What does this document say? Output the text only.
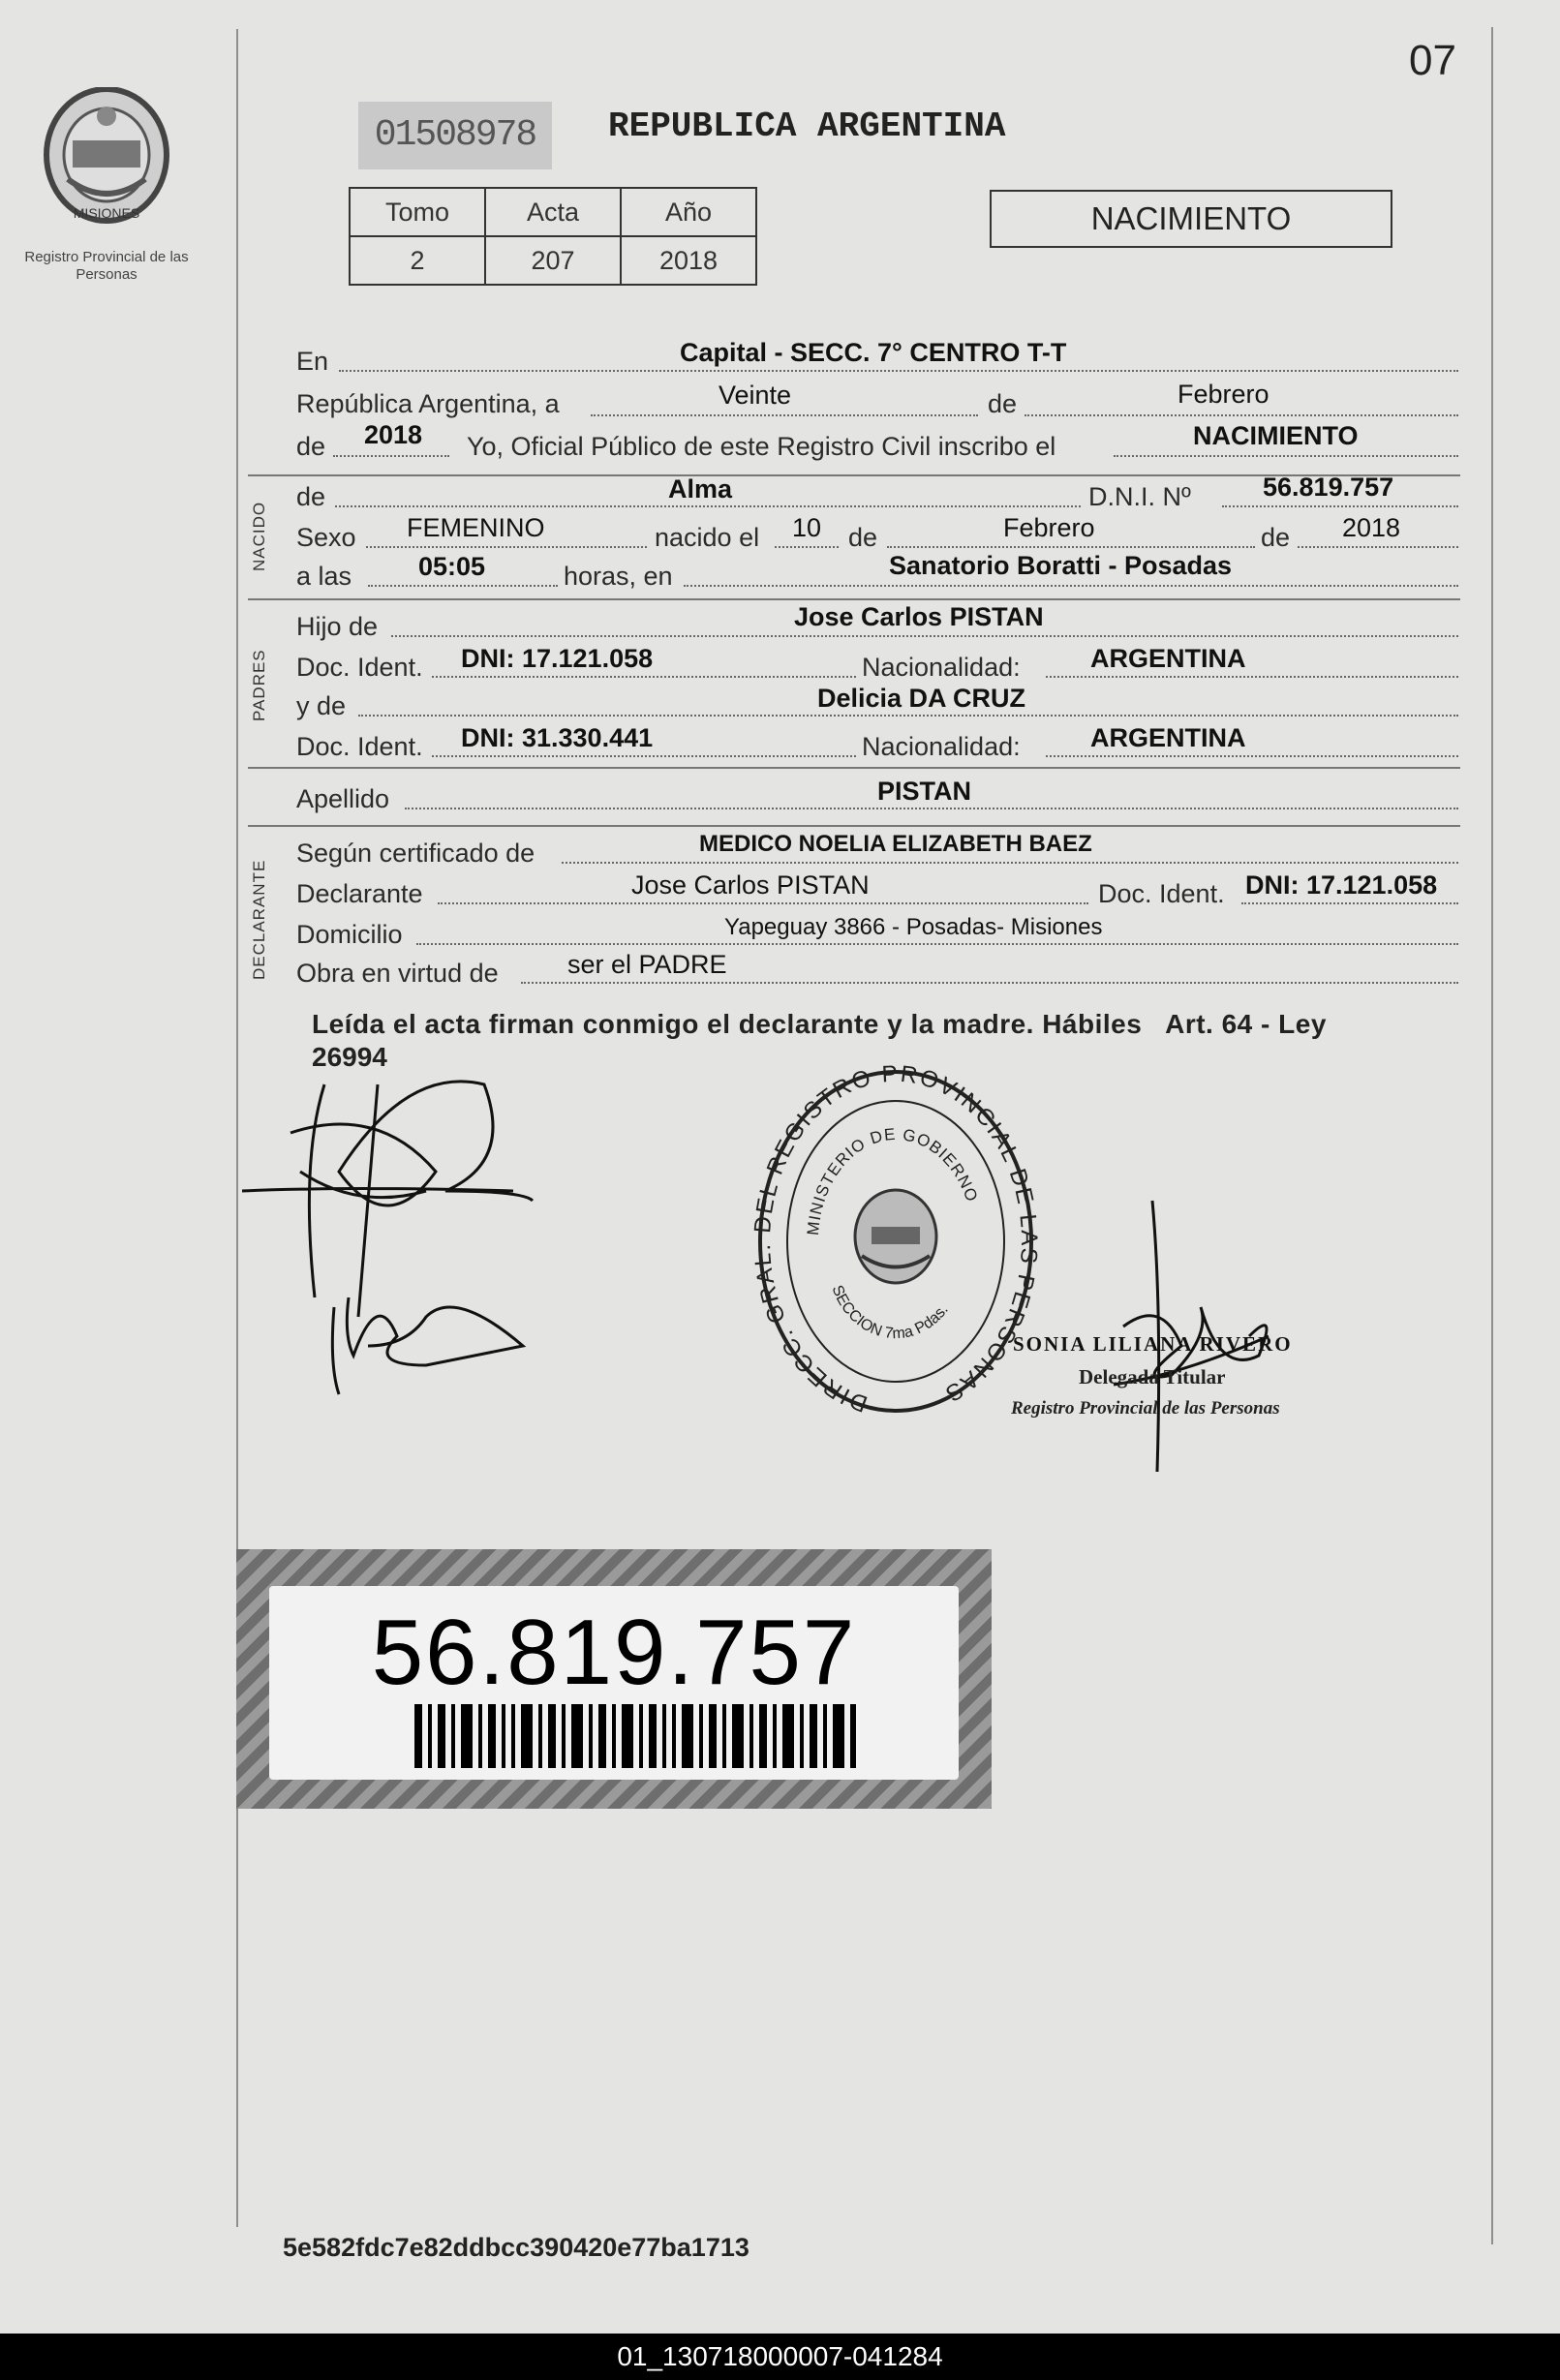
07
MISIONES
Registro Provincial de las Personas
01508978	REPUBLICA ARGENTINA
Tomo	Acta	Año
2	207	2018
NACIMIENTO
En	Capital - SECC. 7° CENTRO T-T
República Argentina, a	Veinte	de	Febrero
de 2018 Yo, Oficial Público de este Registro Civil inscribo el	NACIMIENTO
NACIDO
de	Alma	D.N.I. Nº	56.819.757
Sexo FEMENINO	nacido el 10 de	Febrero	de 2018
a las	05:05	horas, en	Sanatorio Boratti - Posadas
PADRES
Hijo de	Jose Carlos PISTAN
Doc. Ident. DNI: 17.121.058	Nacionalidad:	ARGENTINA
y de	Delicia DA CRUZ
Doc. Ident. DNI: 31.330.441	Nacionalidad:	ARGENTINA
Apellido	PISTAN
DECLARANTE
Según certificado de	MEDICO NOELIA ELIZABETH BAEZ
Declarante	Jose Carlos PISTAN	Doc. Ident. DNI: 17.121.058
Domicilio	Yapeguay 3866 - Posadas- Misiones
Obra en virtud de	ser el PADRE
Leída el acta firman conmigo el declarante y la madre. Hábiles   Art. 64 - Ley
26994
DIRECC. GRAL. DEL REGISTRO PROVINCIAL DE LAS PERSONAS
MINISTERIO DE GOBIERNO
SECCION 7ma Pdas.
SONIA LILIANA RIVERO
Delegada Titular
Registro Provincial de las Personas
56.819.757
5e582fdc7e82ddbcc390420e77ba1713
01_130718000007-041284
